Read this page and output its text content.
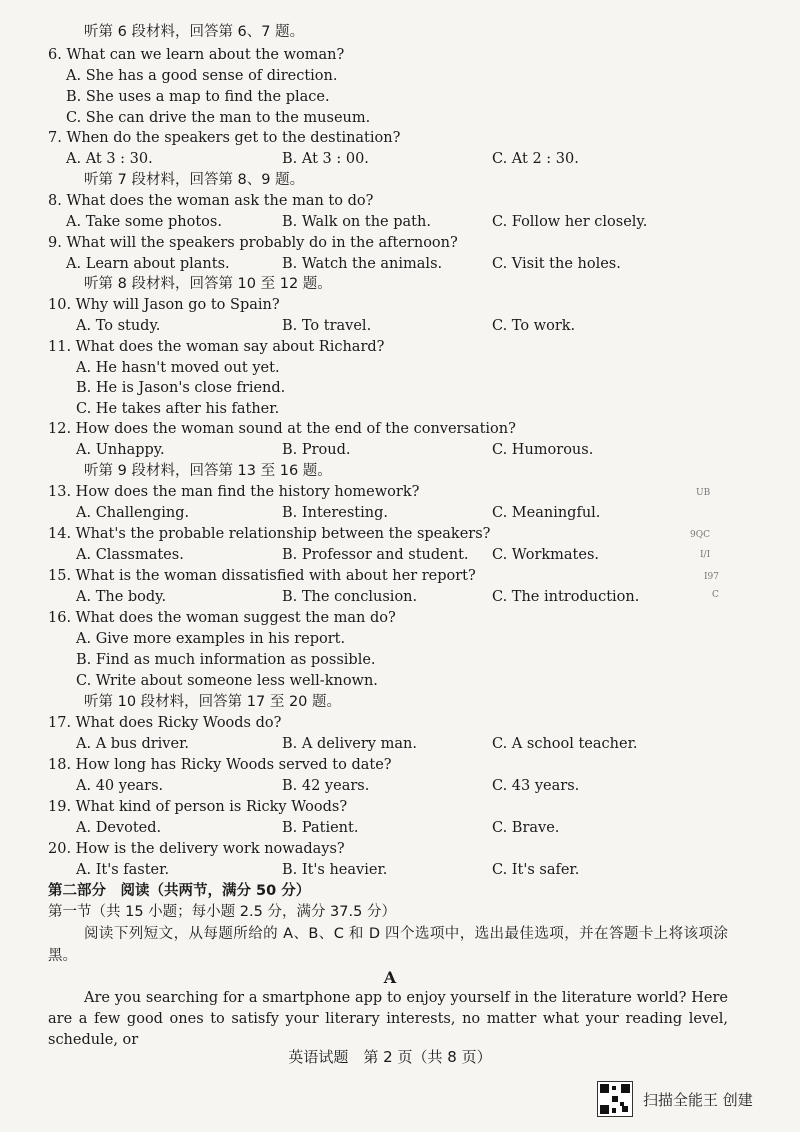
听第 6 段材料，回答第 6、7 题。
6. What can we learn about the woman?
A. She has a good sense of direction.
B. She uses a map to find the place.
C. She can drive the man to the museum.
7. When do the speakers get to the destination?
A. At 3 : 30.	B. At 3 : 00.	C. At 2 : 30.
听第 7 段材料，回答第 8、9 题。
8. What does the woman ask the man to do?
A. Take some photos.	B. Walk on the path.	C. Follow her closely.
9. What will the speakers probably do in the afternoon?
A. Learn about plants.	B. Watch the animals.	C. Visit the holes.
听第 8 段材料，回答第 10 至 12 题。
10. Why will Jason go to Spain?
A. To study.	B. To travel.	C. To work.
11. What does the woman say about Richard?
A. He hasn't moved out yet.
B. He is Jason's close friend.
C. He takes after his father.
12. How does the woman sound at the end of the conversation?
A. Unhappy.	B. Proud.	C. Humorous.
听第 9 段材料，回答第 13 至 16 题。
13. How does the man find the history homework?
A. Challenging.	B. Interesting.	C. Meaningful.
14. What's the probable relationship between the speakers?
A. Classmates.	B. Professor and student. C. Workmates.
15. What is the woman dissatisfied with about her report?
A. The body.	B. The conclusion.	C. The introduction.
16. What does the woman suggest the man do?
A. Give more examples in his report.
B. Find as much information as possible.
C. Write about someone less well-known.
听第 10 段材料，回答第 17 至 20 题。
17. What does Ricky Woods do?
A. A bus driver.	B. A delivery man.	C. A school teacher.
18. How long has Ricky Woods served to date?
A. 40 years.	B. 42 years.	C. 43 years.
19. What kind of person is Ricky Woods?
A. Devoted.	B. Patient.	C. Brave.
20. How is the delivery work nowadays?
A. It's faster.	B. It's heavier.	C. It's safer.
第二部分　阅读（共两节，满分 50 分）
第一节（共 15 小题；每小题 2.5 分，满分 37.5 分）
阅读下列短文，从每题所给的 A、B、C 和 D 四个选项中，选出最佳选项，并在答题卡上将该项涂黑。
A
Are you searching for a smartphone app to enjoy yourself in the literature world? Here are a few good ones to satisfy your literary interests, no matter what your reading level, schedule, or
UB
9QC
I/I
I97
C
英语试题　第 2 页（共 8 页）
扫描全能王 创建
